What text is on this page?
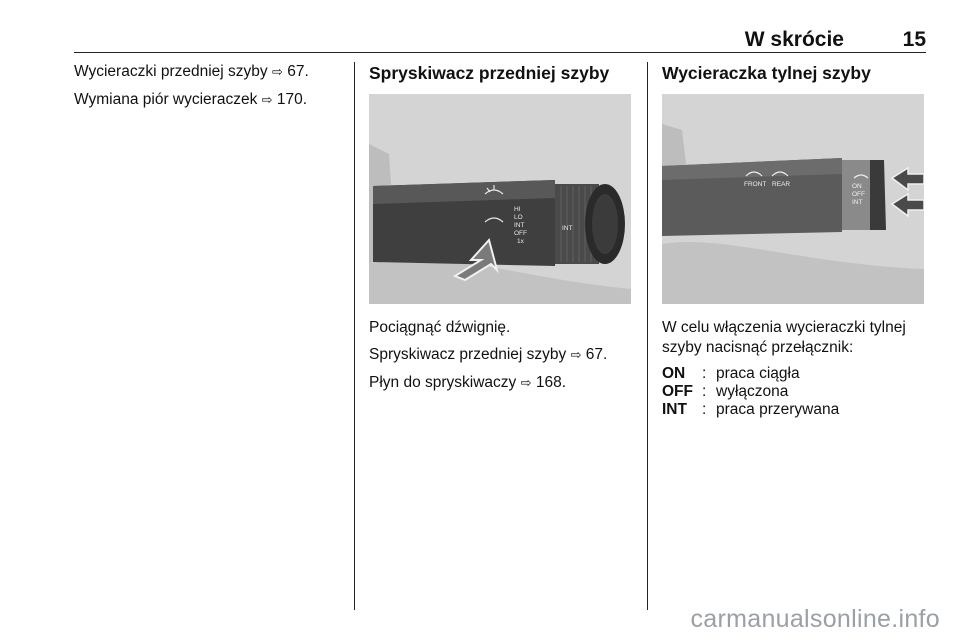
W skrócie	15

Wycieraczki przedniej szyby ⇨ 67.

Wymiana piór wycieraczek ⇨ 170.

Spryskiwacz przedniej szyby
HI
LO
INT
OFF
1x
INT

Pociągnąć dźwignię.

Spryskiwacz przedniej szyby ⇨ 67.

Płyn do spryskiwaczy ⇨ 168.

Wycieraczka tylnej szyby
FRONT REAR	ON
OFF
INT

W celu włączenia wycieraczki tylnej szyby nacisnąć przełącznik:

ON	: praca ciągła
OFF : wyłączona
INT : praca przerywana
carmanualsonline.info
